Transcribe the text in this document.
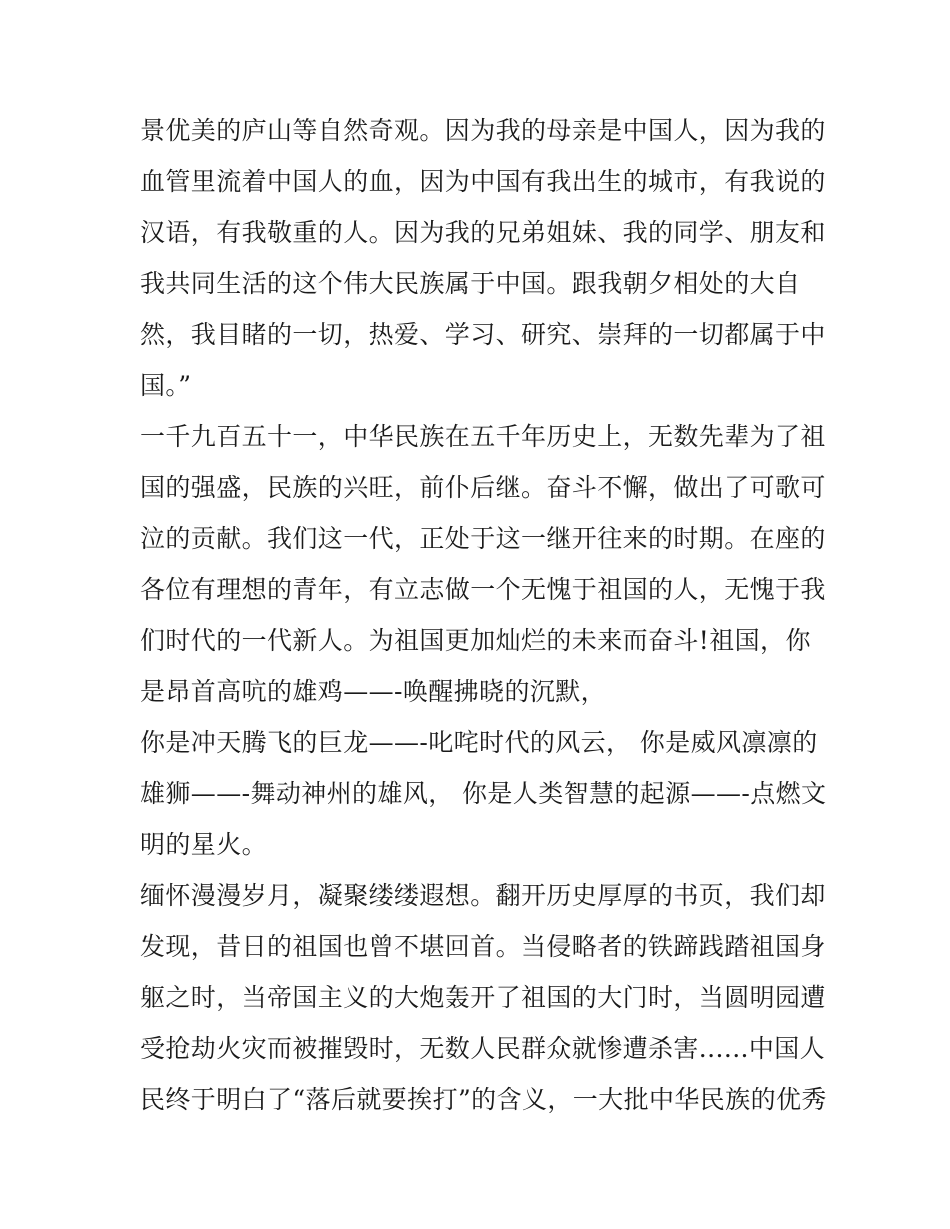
景优美的庐山等自然奇观。因为我的母亲是中国人，因为我的
血管里流着中国人的血，因为中国有我出生的城市，有我说的
汉语，有我敬重的人。因为我的兄弟姐妹、我的同学、朋友和
我共同生活的这个伟大民族属于中国。跟我朝夕相处的大自
然，我目睹的一切，热爱、学习、研究、崇拜的一切都属于中
国。”
一千九百五十一，中华民族在五千年历史上，无数先辈为了祖
国的强盛，民族的兴旺，前仆后继。奋斗不懈，做出了可歌可
泣的贡献。我们这一代，正处于这一继开往来的时期。在座的
各位有理想的青年，有立志做一个无愧于祖国的人，无愧于我
们时代的一代新人。为祖国更加灿烂的未来而奋斗!祖国，你
是昂首高吭的雄鸡——-唤醒拂晓的沉默，
你是冲天腾飞的巨龙——-叱咤时代的风云， 你是威风凛凛的
雄狮——-舞动神州的雄风， 你是人类智慧的起源——-点燃文
明的星火。
缅怀漫漫岁月，凝聚缕缕遐想。翻开历史厚厚的书页，我们却
发现，昔日的祖国也曾不堪回首。当侵略者的铁蹄践踏祖国身
躯之时，当帝国主义的大炮轰开了祖国的大门时，当圆明园遭
受抢劫火灾而被摧毁时，无数人民群众就惨遭杀害......中国人
民终于明白了“落后就要挨打”的含义，一大批中华民族的优秀
